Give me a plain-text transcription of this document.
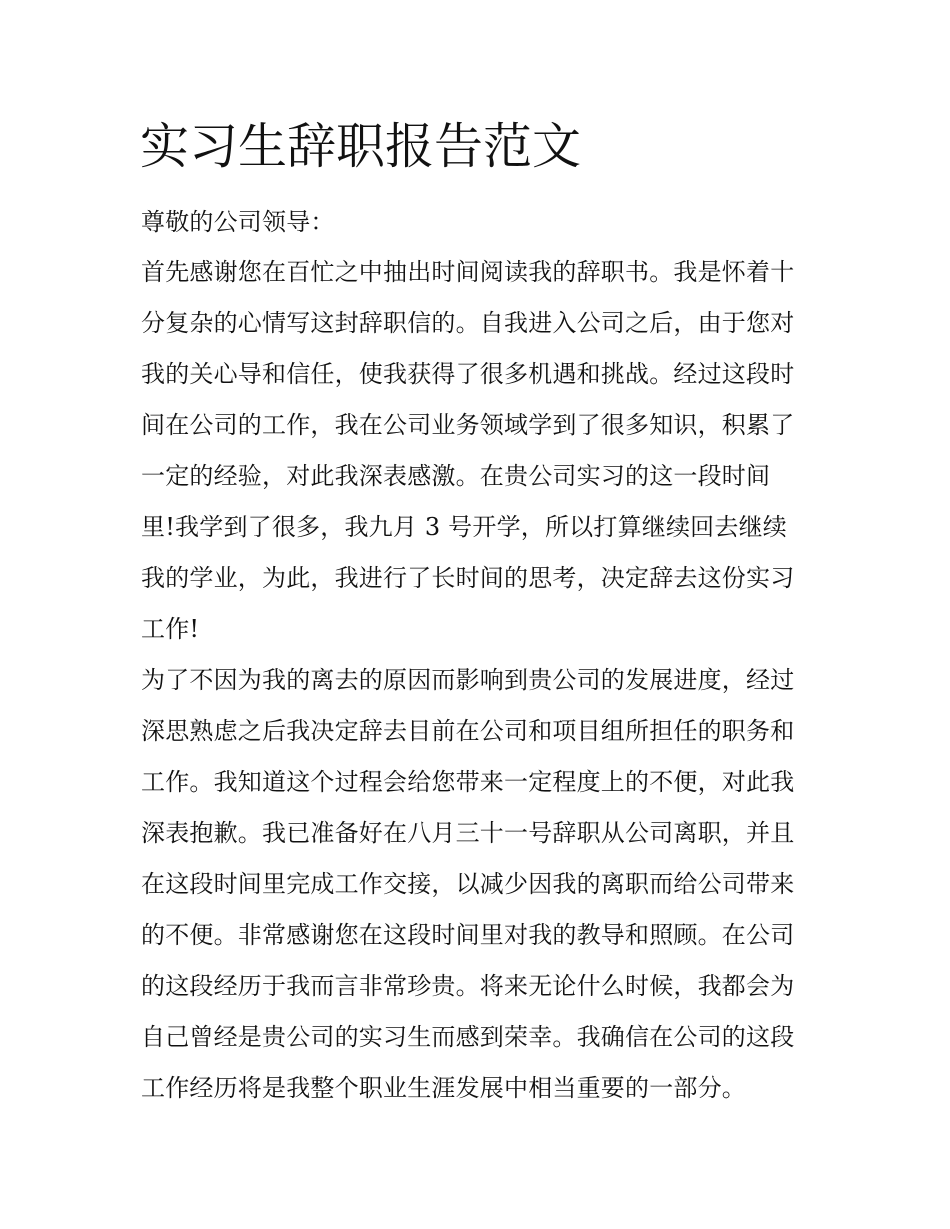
实习生辞职报告范文

尊敬的公司领导：

首先感谢您在百忙之中抽出时间阅读我的辞职书。我是怀着十

分复杂的心情写这封辞职信的。自我进入公司之后，由于您对

我的关心导和信任，使我获得了很多机遇和挑战。经过这段时

间在公司的工作，我在公司业务领域学到了很多知识，积累了

一定的经验，对此我深表感激。在贵公司实习的这一段时间

里!我学到了很多，我九月 3 号开学，所以打算继续回去继续

我的学业，为此，我进行了长时间的思考，决定辞去这份实习

工作!

为了不因为我的离去的原因而影响到贵公司的发展进度，经过

深思熟虑之后我决定辞去目前在公司和项目组所担任的职务和

工作。我知道这个过程会给您带来一定程度上的不便，对此我

深表抱歉。我已准备好在八月三十一号辞职从公司离职，并且

在这段时间里完成工作交接，以减少因我的离职而给公司带来

的不便。非常感谢您在这段时间里对我的教导和照顾。在公司

的这段经历于我而言非常珍贵。将来无论什么时候，我都会为

自己曾经是贵公司的实习生而感到荣幸。我确信在公司的这段

工作经历将是我整个职业生涯发展中相当重要的一部分。
